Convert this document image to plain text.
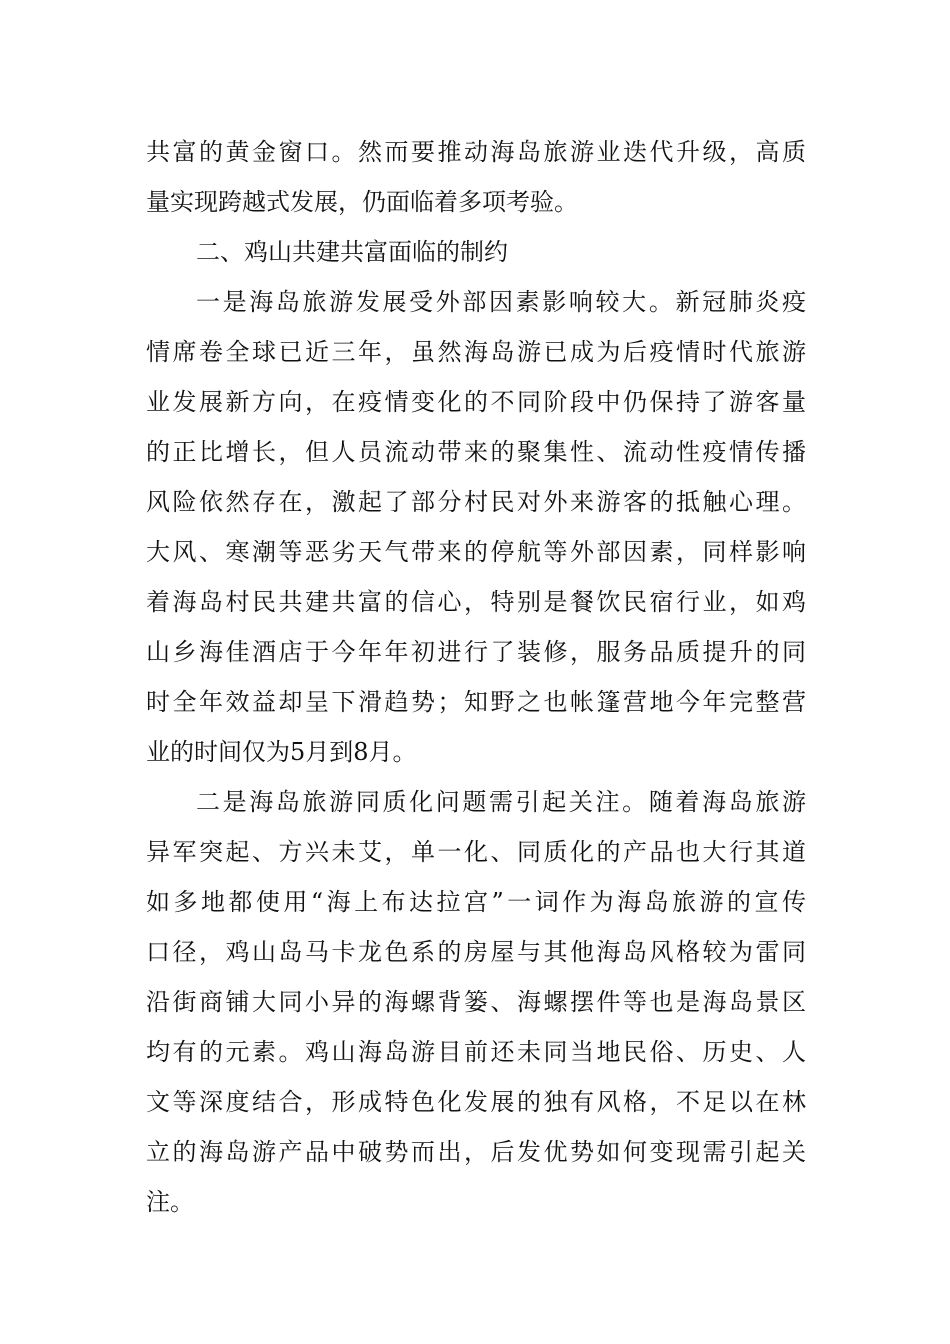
共富的黄金窗口。然而要推动海岛旅游业迭代升级，高质
量实现跨越式发展，仍面临着多项考验。
二、鸡山共建共富面临的制约
一是海岛旅游发展受外部因素影响较大。新冠肺炎疫
情席卷全球已近三年，虽然海岛游已成为后疫情时代旅游
业发展新方向，在疫情变化的不同阶段中仍保持了游客量
的正比增长，但人员流动带来的聚集性、流动性疫情传播
风险依然存在，激起了部分村民对外来游客的抵触心理。
大风、寒潮等恶劣天气带来的停航等外部因素，同样影响
着海岛村民共建共富的信心，特别是餐饮民宿行业，如鸡
山乡海佳酒店于今年年初进行了装修，服务品质提升的同
时全年效益却呈下滑趋势；知野之也帐篷营地今年完整营
业的时间仅为5月到8月。
二是海岛旅游同质化问题需引起关注。随着海岛旅游
异军突起、方兴未艾，单一化、同质化的产品也大行其道
如多地都使用“海上布达拉宫”一词作为海岛旅游的宣传
口径，鸡山岛马卡龙色系的房屋与其他海岛风格较为雷同
沿街商铺大同小异的海螺背篓、海螺摆件等也是海岛景区
均有的元素。鸡山海岛游目前还未同当地民俗、历史、人
文等深度结合，形成特色化发展的独有风格，不足以在林
立的海岛游产品中破势而出，后发优势如何变现需引起关
注。
